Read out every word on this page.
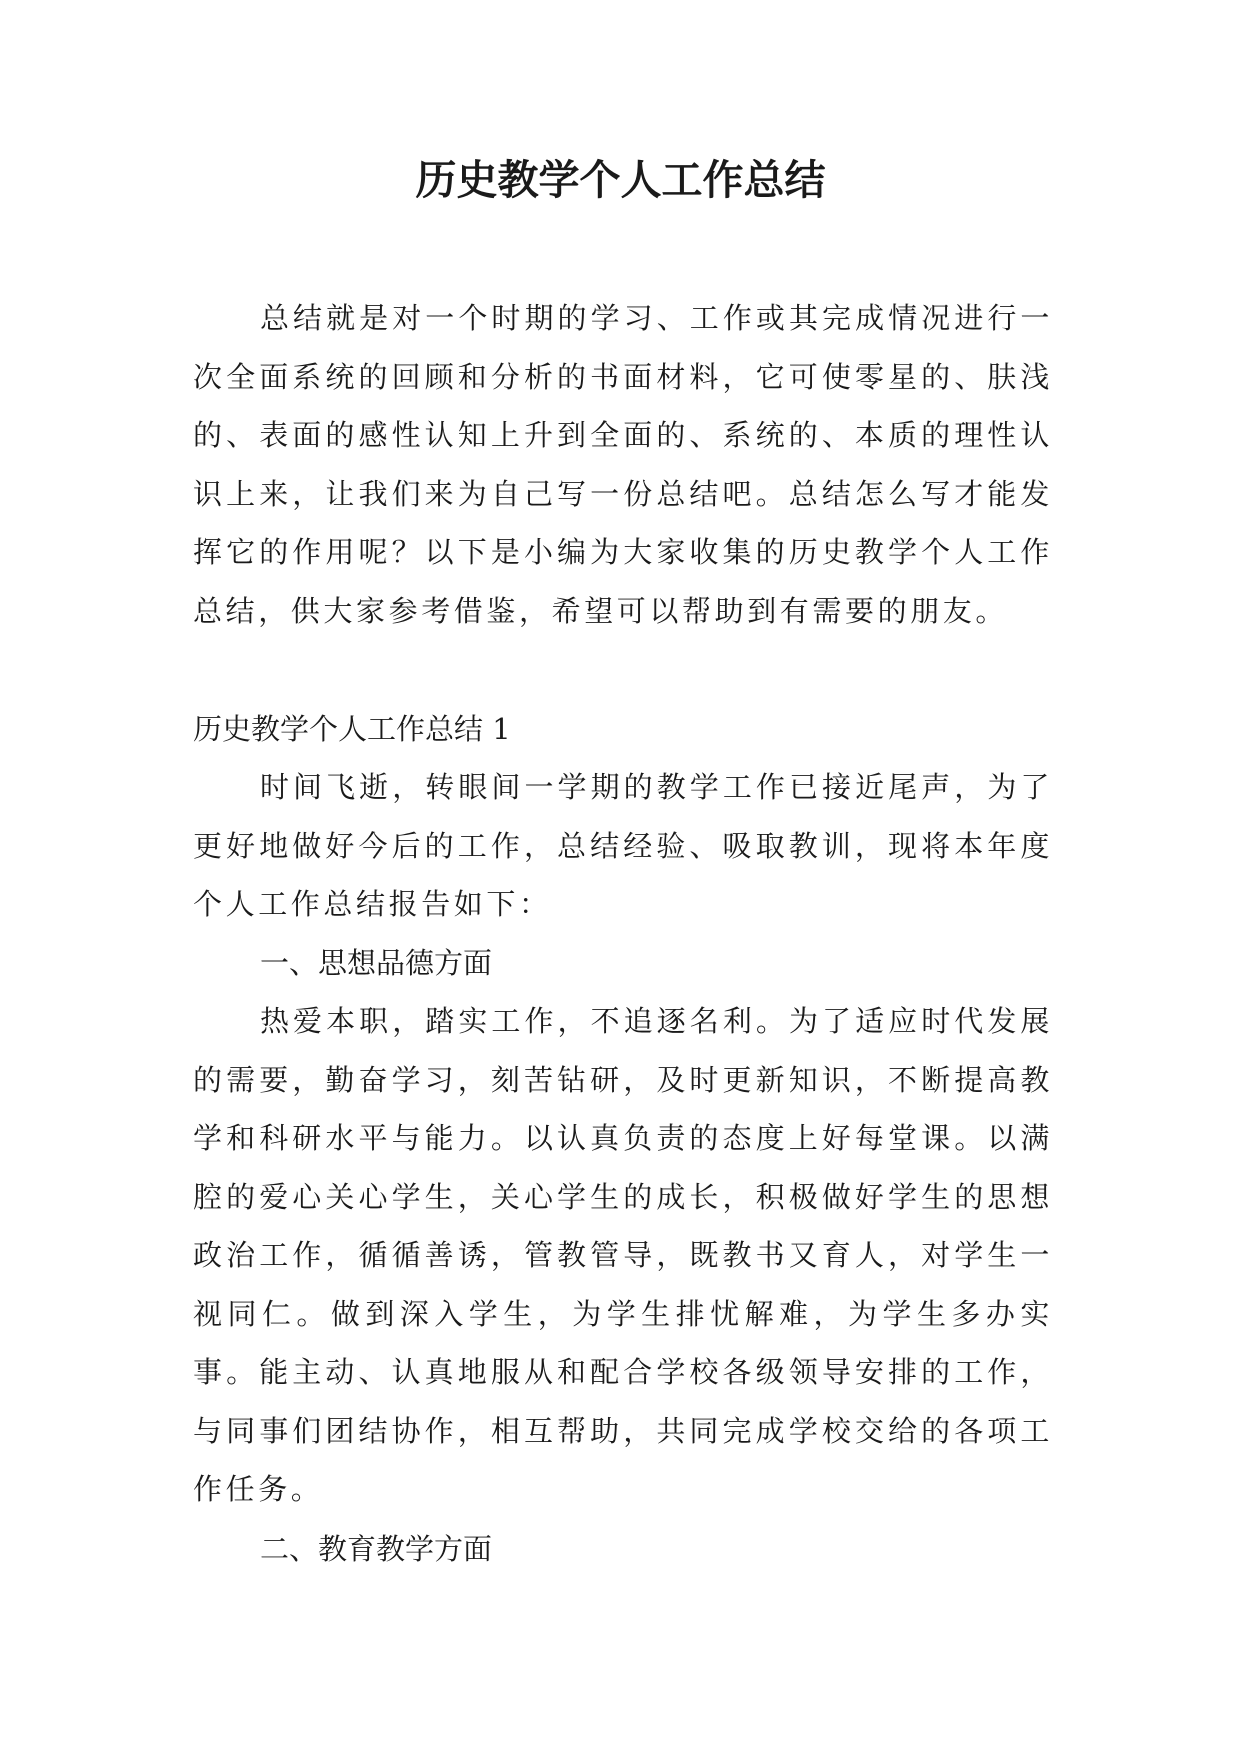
历史教学个人工作总结

总结就是对一个时期的学习、工作或其完成情况进行一次全面系统的回顾和分析的书面材料，它可使零星的、肤浅的、表面的感性认知上升到全面的、系统的、本质的理性认识上来，让我们来为自己写一份总结吧。总结怎么写才能发挥它的作用呢？以下是小编为大家收集的历史教学个人工作总结，供大家参考借鉴，希望可以帮助到有需要的朋友。

历史教学个人工作总结 1

时间飞逝，转眼间一学期的教学工作已接近尾声，为了更好地做好今后的工作，总结经验、吸取教训，现将本年度个人工作总结报告如下：

一、思想品德方面

热爱本职，踏实工作，不追逐名利。为了适应时代发展的需要，勤奋学习，刻苦钻研，及时更新知识，不断提高教学和科研水平与能力。以认真负责的态度上好每堂课。以满腔的爱心关心学生，关心学生的成长，积极做好学生的思想政治工作，循循善诱，管教管导，既教书又育人，对学生一视同仁。做到深入学生，为学生排忧解难，为学生多办实事。能主动、认真地服从和配合学校各级领导安排的工作，与同事们团结协作，相互帮助，共同完成学校交给的各项工作任务。

二、教育教学方面
